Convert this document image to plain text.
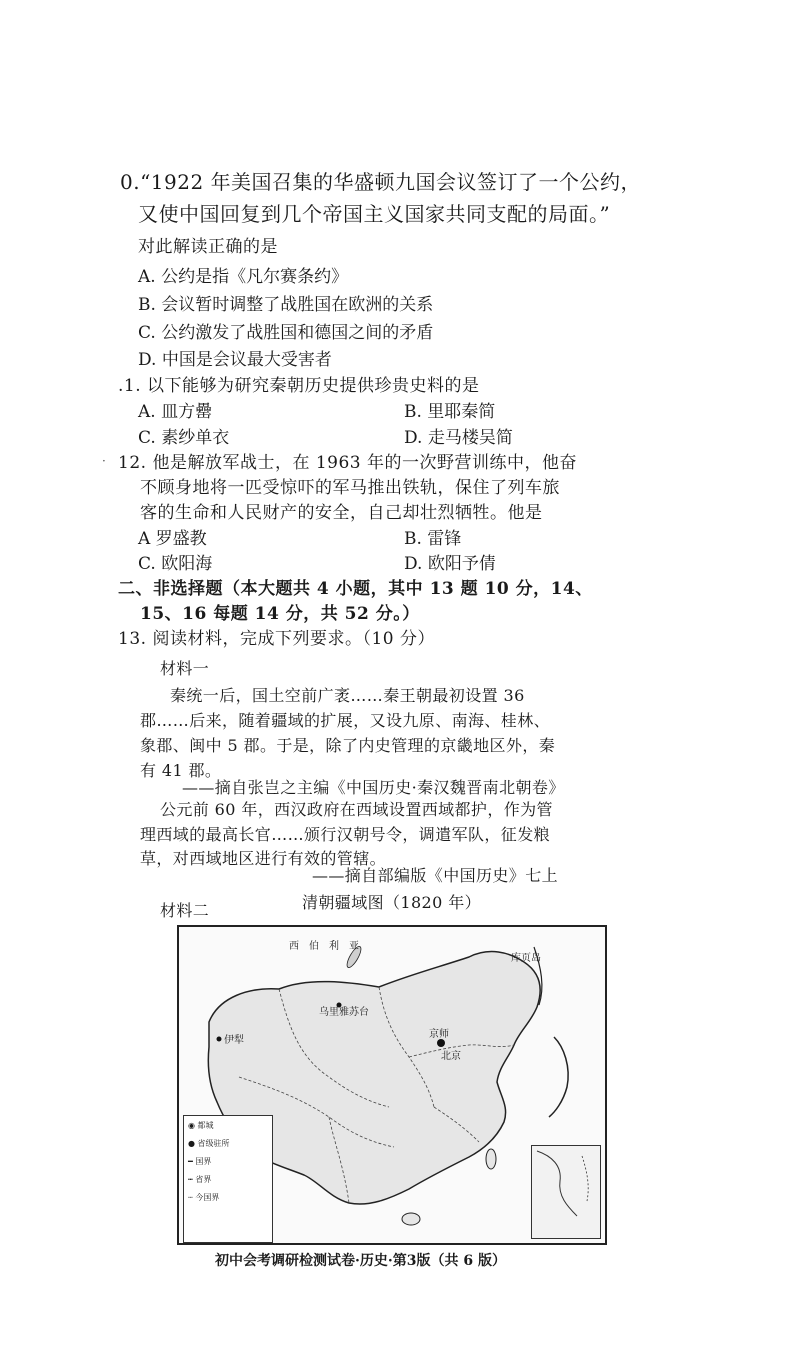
0.“1922 年美国召集的华盛顿九国会议签订了一个公约，
又使中国回复到几个帝国主义国家共同支配的局面。”
对此解读正确的是
A. 公约是指《凡尔赛条约》
B. 会议暂时调整了战胜国在欧洲的关系
C. 公约激发了战胜国和德国之间的矛盾
D. 中国是会议最大受害者
.1. 以下能够为研究秦朝历史提供珍贵史料的是
A. 皿方罍	B. 里耶秦简
C. 素纱单衣	D. 走马楼吴简
· 12. 他是解放军战士，在 1963 年的一次野营训练中，他奋
不顾身地将一匹受惊吓的军马推出铁轨，保住了列车旅
客的生命和人民财产的安全，自己却壮烈牺牲。他是
A 罗盛教	B. 雷锋
C. 欧阳海	D. 欧阳予倩
二、非选择题（本大题共 4 小题，其中 13 题 10 分，14、
15、16 每题 14 分，共 52 分。）
13. 阅读材料，完成下列要求。（10 分）
材料一
秦统一后，国土空前广袤……秦王朝最初设置 36
郡……后来，随着疆域的扩展，又设九原、南海、桂林、
象郡、闽中 5 郡。于是，除了内史管理的京畿地区外，秦
有 41 郡。
——摘自张岂之主编《中国历史·秦汉魏晋南北朝卷》
公元前 60 年，西汉政府在西域设置西域都护，作为管
理西域的最高长官……颁行汉朝号令，调遣军队，征发粮
草，对西域地区进行有效的管辖。
——摘自部编版《中国历史》七上
材料二	清朝疆域图（1820 年）
西　伯　利　亚
乌里雅苏台
伊犁
京师
北京
库页岛
◉ 都城
● 省级驻所
━ 国界
┅ 省界
┄ 今国界
初中会考调研检测试卷·历史·第3版（共 6 版）
